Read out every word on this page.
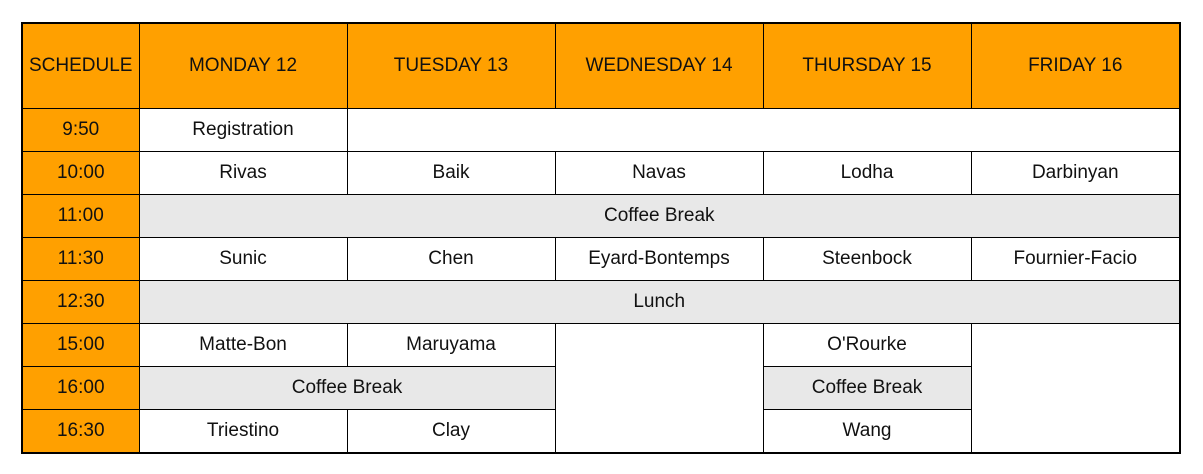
SCHEDULE	MONDAY 12	TUESDAY 13	WEDNESDAY 14	THURSDAY 15	FRIDAY 16
9:50	Registration				
10:00	Rivas	Baik	Navas	Lodha	Darbinyan
11:00	Coffee Break				
11:30	Sunic	Chen	Eyard-Bontemps	Steenbock	Fournier-Facio
12:30	Lunch				
15:00	Matte-Bon	Maruyama		O'Rourke	
16:00	Coffee Break			Coffee Break	
16:30	Triestino	Clay		Wang	
